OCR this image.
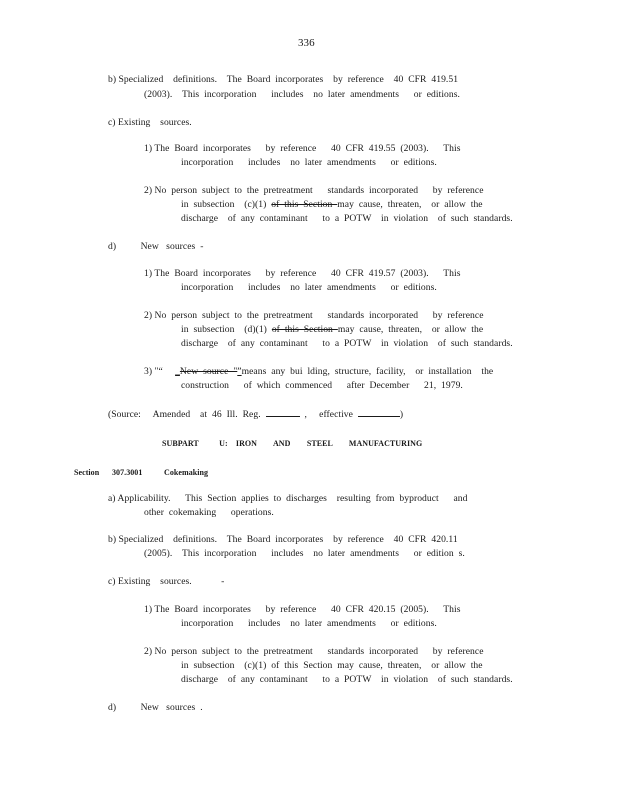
336
b) Specialized    definitions.    The  Board  incorporates    by  reference    40  CFR  419.51
(2003).    This  incorporation      includes    no  later  amendments      or  editions.
c) Existing    sources.
1) The  Board  incorporates      by  reference      40  CFR  419.55  (2003).      This
incorporation      includes    no  later  amendments      or  editions.
2) No  person  subject  to  the  pretreatment      standards  incorporated      by  reference
in  subsection    (c)(1)  of  this  Section  may  cause,  threaten,    or  allow  the
discharge    of  any  contaminant      to  a  POTW    in  violation    of  such  standards.
d)          New   sources  -
1) The  Board  incorporates      by  reference      40  CFR  419.57  (2003).      This
incorporation      includes    no  later  amendments      or  editions.
2) No  person  subject  to  the  pretreatment      standards  incorporated      by  reference
in  subsection    (d)(1)  of  this  Section  may  cause,  threaten,    or  allow  the
discharge    of  any  contaminant      to  a  POTW    in  violation    of  such  standards.
3) "“     _New  source  "”means  any  bui  lding,  structure,  facility,    or  installation    the
construction      of  which  commenced      after  December      21,  1979.
(Source:     Amended    at  46  Ill.  Reg.	,     effective	)
SUBPART          U:    IRON        AND        STEEL        MANUFACTURING
Section 307.3001	Cokemaking
a) Applicability.      This  Section  applies  to  discharges    resulting  from  byproduct      and
other  cokemaking      operations.
b) Specialized    definitions.    The  Board  incorporates    by  reference    40  CFR  420.11
(2005).    This  incorporation      includes    no  later  amendments      or  edition  s.
c) Existing    sources.            -
1) The  Board  incorporates      by  reference      40  CFR  420.15  (2005).      This
incorporation      includes    no  later  amendments      or  editions.
2) No  person  subject  to  the  pretreatment      standards  incorporated      by  reference
in  subsection    (c)(1)  of  this  Section  may  cause,  threaten,    or  allow  the
discharge    of  any  contaminant      to  a  POTW    in  violation    of  such  standards.
d)          New   sources  .
